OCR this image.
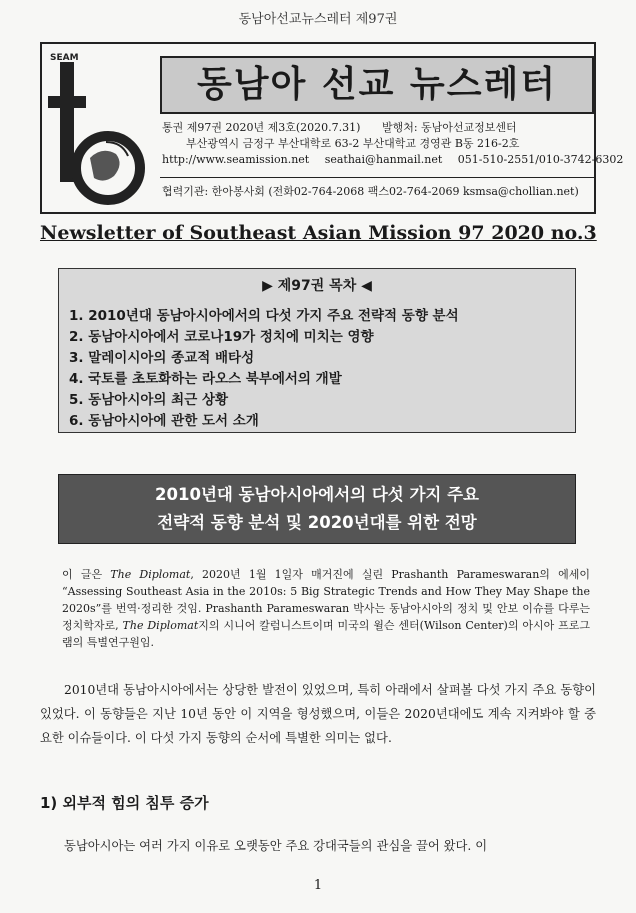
동남아선교뉴스레터 제97권
SEAM
동남아 선교 뉴스레터
통권 제97권 2020년 제3호(2020.7.31) 발행처: 동남아선교정보센터
부산광역시 금정구 부산대학로 63-2 부산대학교 경영관 B동 216-2호
http://www.seamission.net seathai@hanmail.net 051-510-2551/010-3742-6302
협력기관: 한아봉사회 (전화02-764-2068 팩스02-764-2069 ksmsa@chollian.net)
Newsletter of Southeast Asian Mission 97 2020 no.3
▶ 제97권 목차 ◀
1. 2010년대 동남아시아에서의 다섯 가지 주요 전략적 동향 분석
2. 동남아시아에서 코로나19가 정치에 미치는 영향
3. 말레이시아의 종교적 배타성
4. 국토를 초토화하는 라오스 북부에서의 개발
5. 동남아시아의 최근 상황
6. 동남아시아에 관한 도서 소개
2010년대 동남아시아에서의 다섯 가지 주요
전략적 동향 분석 및 2020년대를 위한 전망
이 글은 The Diplomat, 2020년 1월 1일자 매거진에 실린 Prashanth Parameswaran의 에세이 “Assessing Southeast Asia in the 2010s: 5 Big Strategic Trends and How They May Shape the 2020s”를 번역·정리한 것임. Prashanth Parameswaran 박사는 동남아시아의 정치 및 안보 이슈를 다루는 정치학자로, The Diplomat지의 시니어 칼럼니스트이며 미국의 윌슨 센터(Wilson Center)의 아시아 프로그램의 특별연구원임.
2010년대 동남아시아에서는 상당한 발전이 있었으며, 특히 아래에서 살펴볼 다섯 가지 주요 동향이 있었다. 이 동향들은 지난 10년 동안 이 지역을 형성했으며, 이들은 2020년대에도 계속 지켜봐야 할 중요한 이슈들이다. 이 다섯 가지 동향의 순서에 특별한 의미는 없다.
1) 외부적 힘의 침투 증가
동남아시아는 여러 가지 이유로 오랫동안 주요 강대국들의 관심을 끌어 왔다. 이
1
